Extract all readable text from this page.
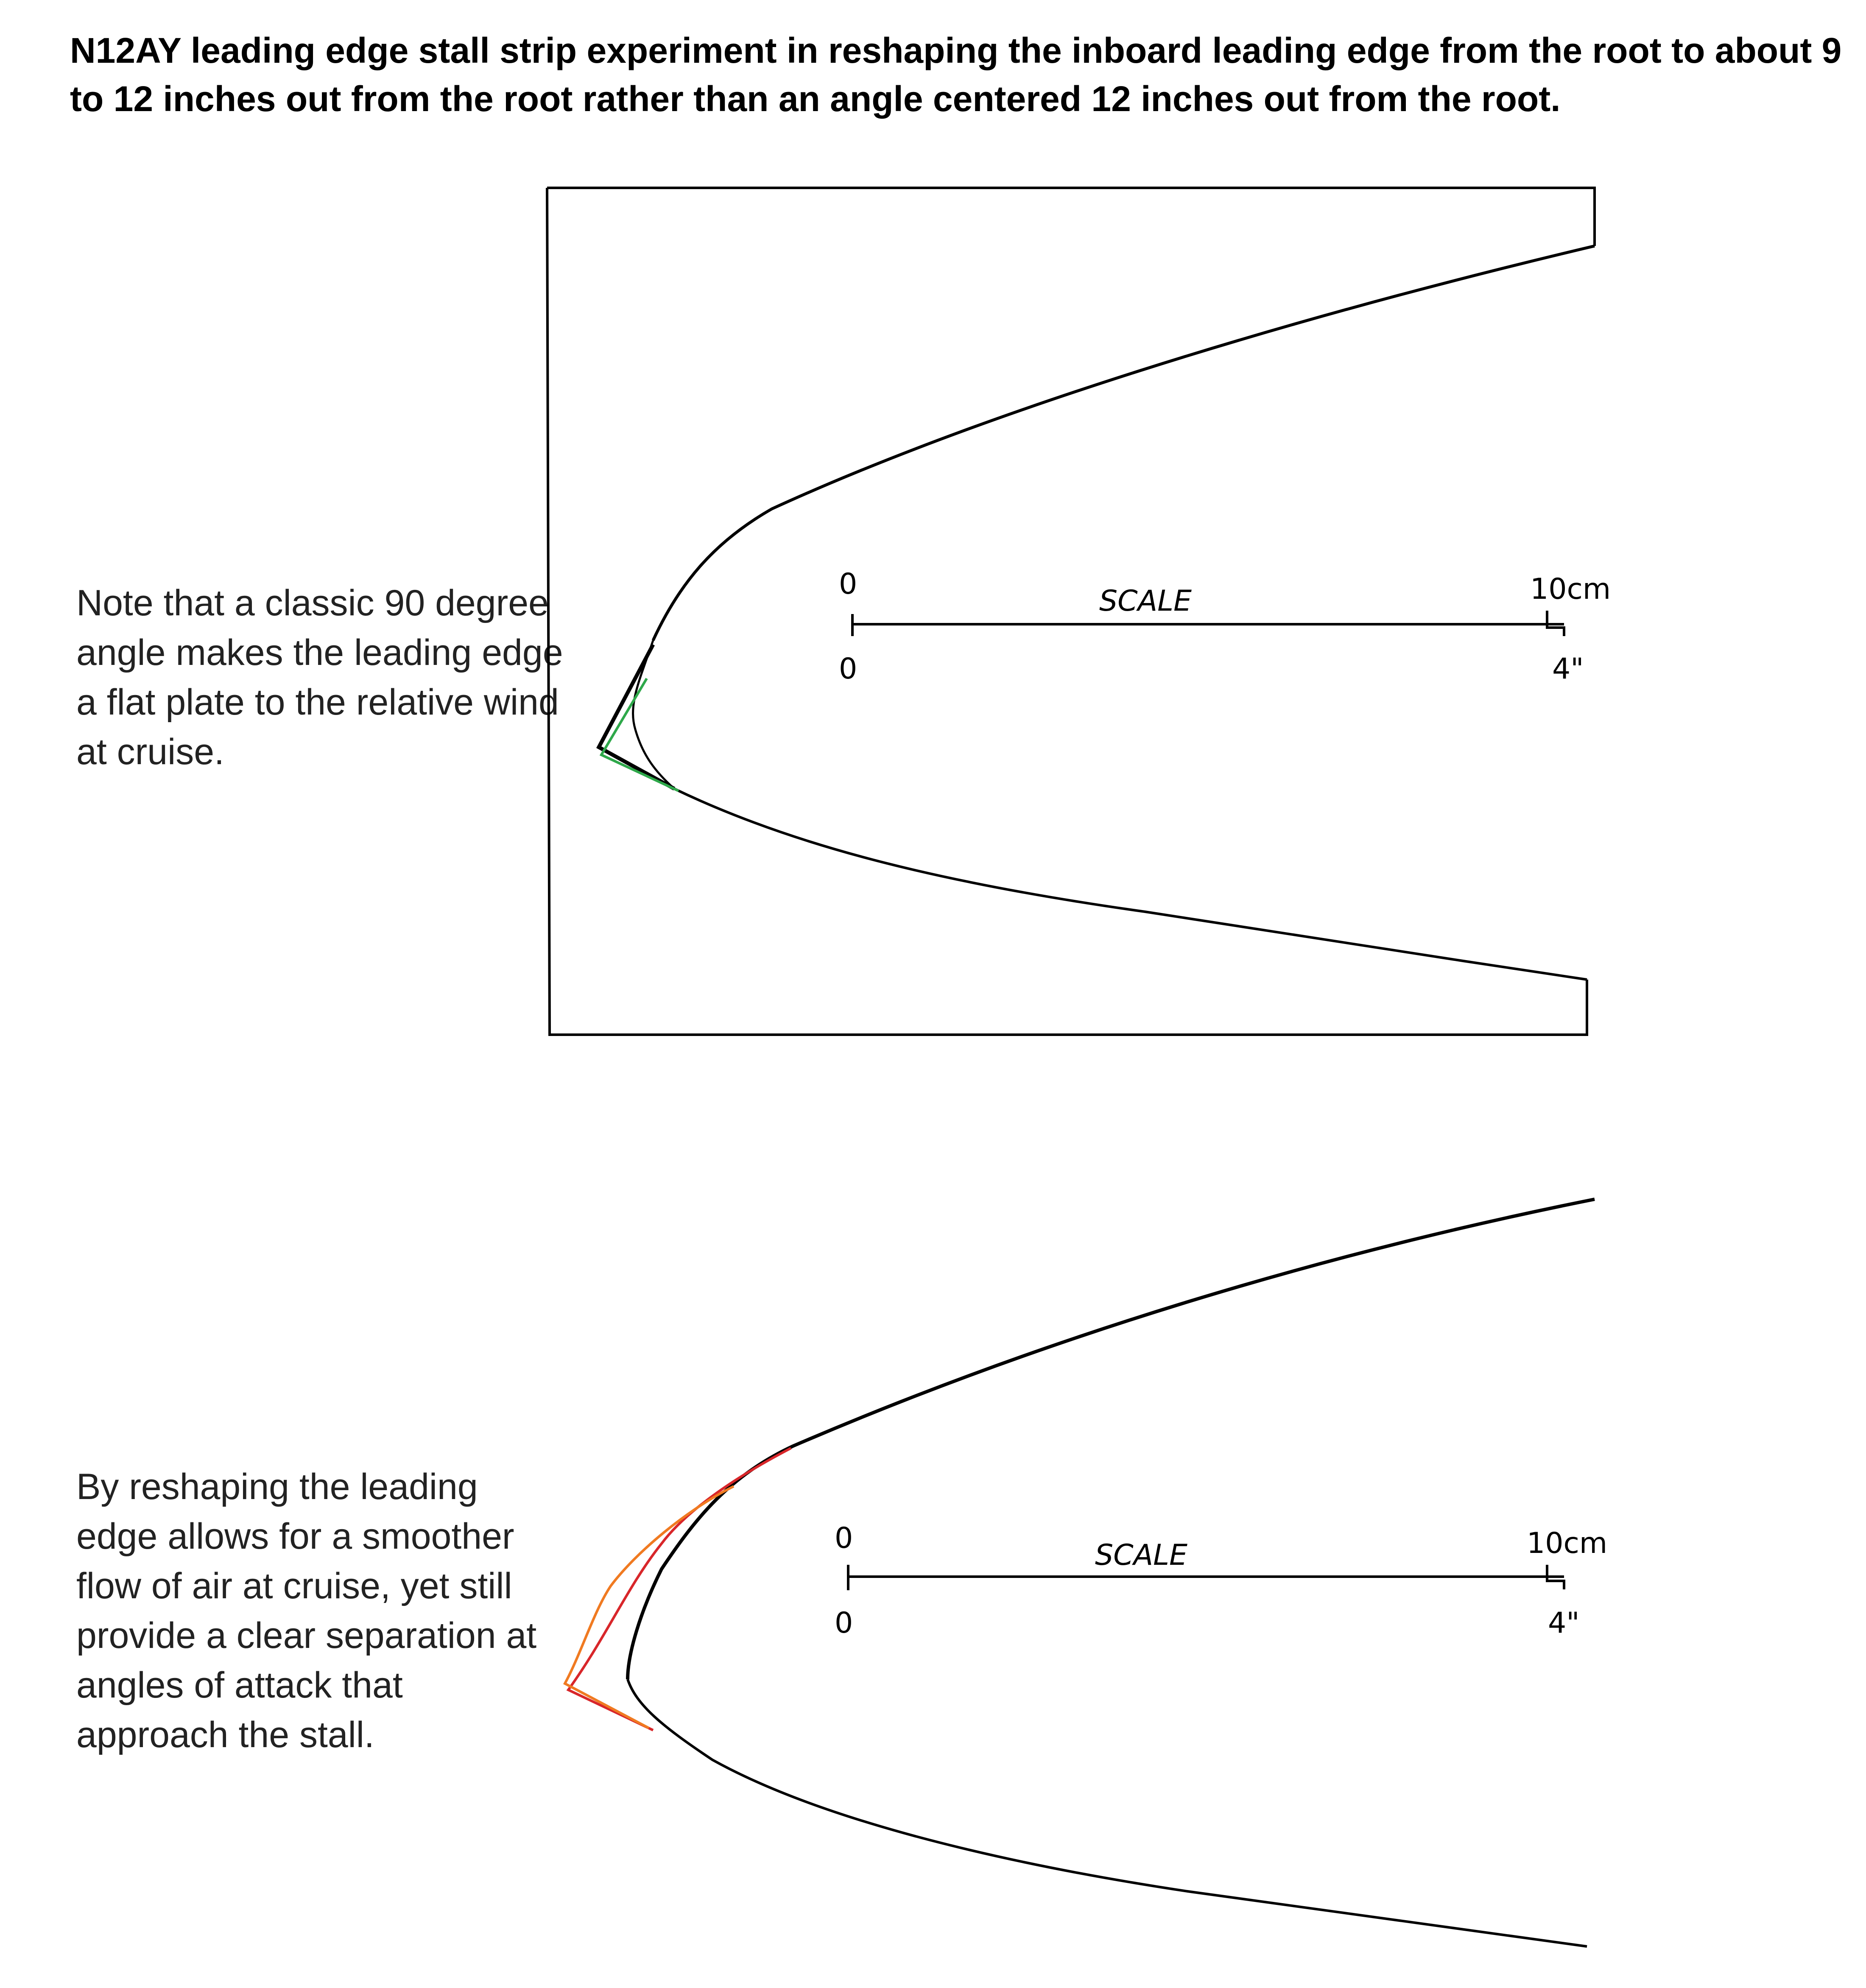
N12AY leading edge stall strip experiment in reshaping the inboard leading edge from the root to about 9 to 12 inches out from the root rather than an angle centered 12 inches out from the root.
Note that a classic 90 degree angle makes the leading edge a flat plate to the relative wind at cruise.
By reshaping the leading edge allows for a smoother flow of air at cruise, yet still provide a clear separation at angles of attack that approach the stall.
0
0
SCALE	10cm
4"
0
0
SCALE	10cm
4"
